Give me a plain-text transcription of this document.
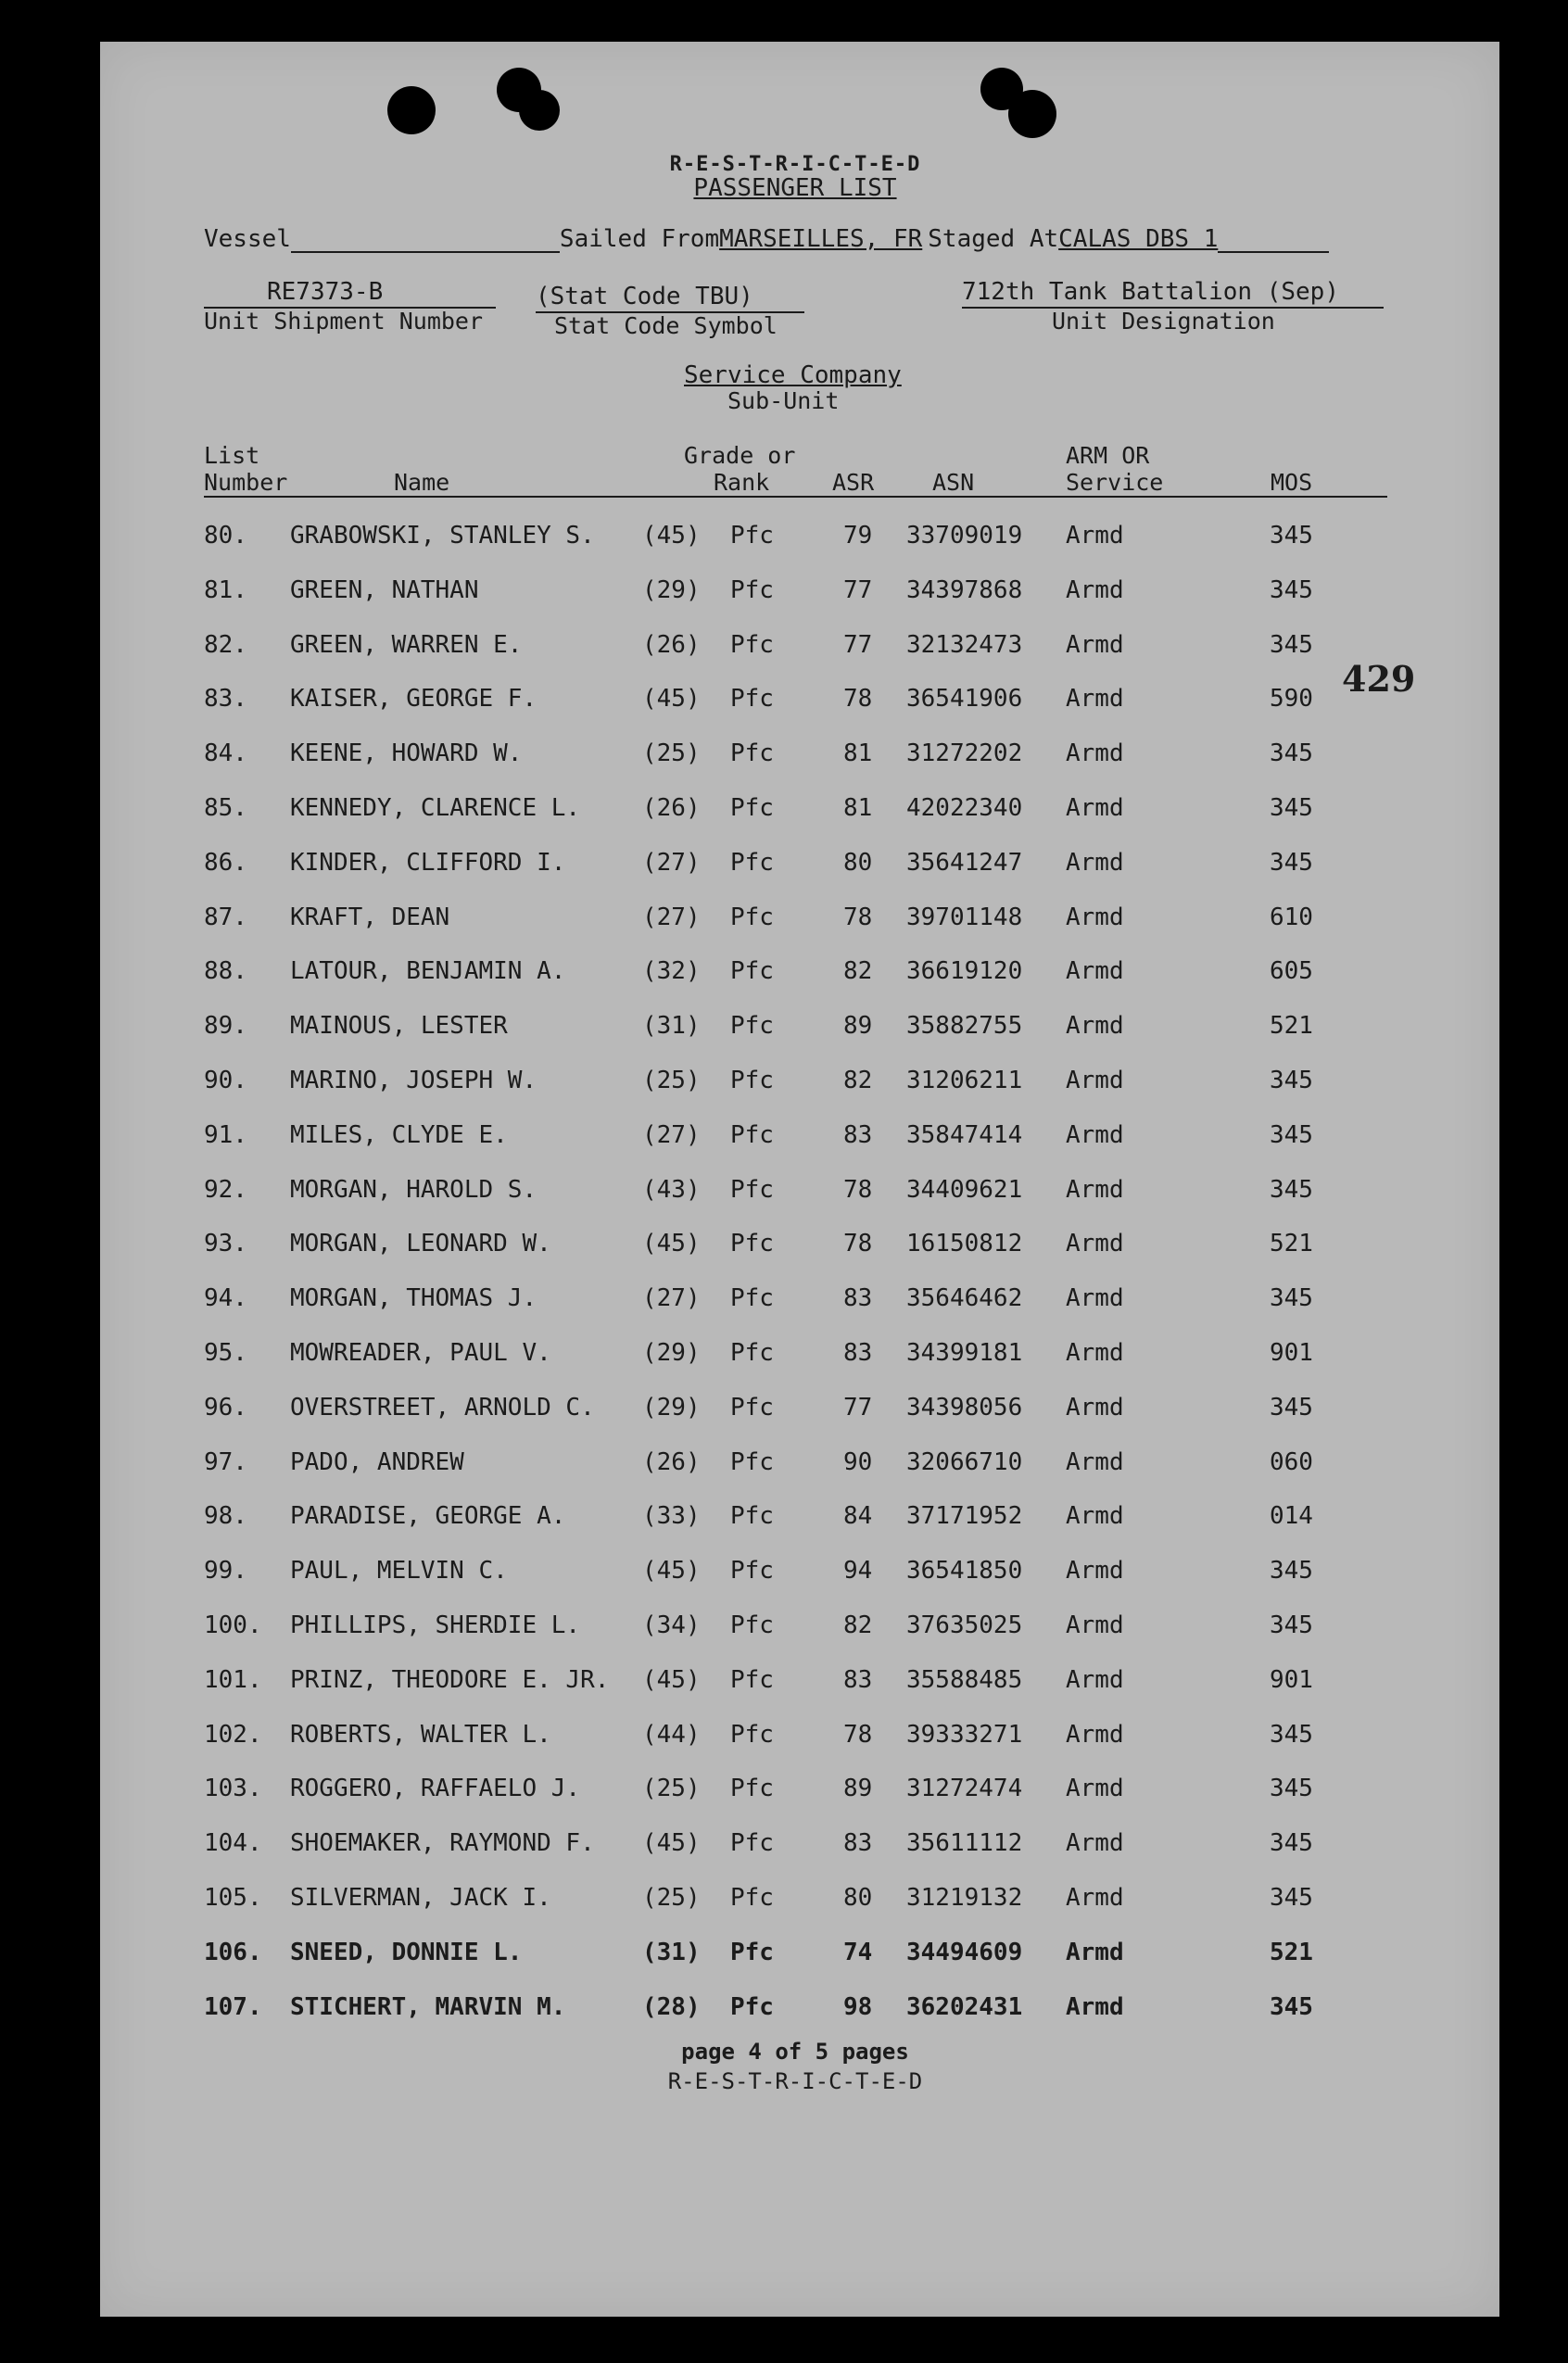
R-E-S-T-R-I-C-T-E-D
PASSENGER LIST
Vessel	Sailed FromMARSEILLES, FR Staged AtCALAS DBS 1
RE7373-B
Unit Shipment Number
(Stat Code TBU)
Stat Code Symbol
712th Tank Battalion (Sep)
Unit Designation
Service Company
Sub-Unit
List
Number	Name
Grade or
Rank	ASR	ASN
ARM OR
Service	MOS
80. GRABOWSKI, STANLEY S. (45) Pfc	79 33709019 Armd	345
81. GREEN, NATHAN	(29) Pfc	77 34397868 Armd	345
82. GREEN, WARREN E.	(26) Pfc	77 32132473 Armd	345
83. KAISER, GEORGE F.	(45) Pfc	78 36541906 Armd	590
84. KEENE, HOWARD W.	(25) Pfc	81 31272202 Armd	345
85. KENNEDY, CLARENCE L.	(26) Pfc	81 42022340 Armd	345
86. KINDER, CLIFFORD I.	(27) Pfc	80 35641247 Armd	345
87. KRAFT, DEAN	(27) Pfc	78 39701148 Armd	610
88. LATOUR, BENJAMIN A.	(32) Pfc	82 36619120 Armd	605
89. MAINOUS, LESTER	(31) Pfc	89 35882755 Armd	521
90. MARINO, JOSEPH W.	(25) Pfc	82 31206211 Armd	345
91. MILES, CLYDE E.	(27) Pfc	83 35847414 Armd	345
92. MORGAN, HAROLD S.	(43) Pfc	78 34409621 Armd	345
93. MORGAN, LEONARD W.	(45) Pfc	78 16150812 Armd	521
94. MORGAN, THOMAS J.	(27) Pfc	83 35646462 Armd	345
95. MOWREADER, PAUL V.	(29) Pfc	83 34399181 Armd	901
96. OVERSTREET, ARNOLD C. (29) Pfc	77 34398056 Armd	345
97. PADO, ANDREW	(26) Pfc	90 32066710 Armd	060
98. PARADISE, GEORGE A.	(33) Pfc	84 37171952 Armd	014
99. PAUL, MELVIN C.	(45) Pfc	94 36541850 Armd	345
100. PHILLIPS, SHERDIE L.	(34) Pfc	82 37635025 Armd	345
101. PRINZ, THEODORE E. JR. (45) Pfc	83 35588485 Armd	901
102. ROBERTS, WALTER L.	(44) Pfc	78 39333271 Armd	345
103. ROGGERO, RAFFAELO J.	(25) Pfc	89 31272474 Armd	345
104. SHOEMAKER, RAYMOND F. (45) Pfc	83 35611112 Armd	345
105. SILVERMAN, JACK I.	(25) Pfc	80 31219132 Armd	345
106. SNEED, DONNIE L.	(31) Pfc	74 34494609 Armd	521
107. STICHERT, MARVIN M.	(28) Pfc	98 36202431 Armd	345
429
page 4 of 5 pages
R-E-S-T-R-I-C-T-E-D
